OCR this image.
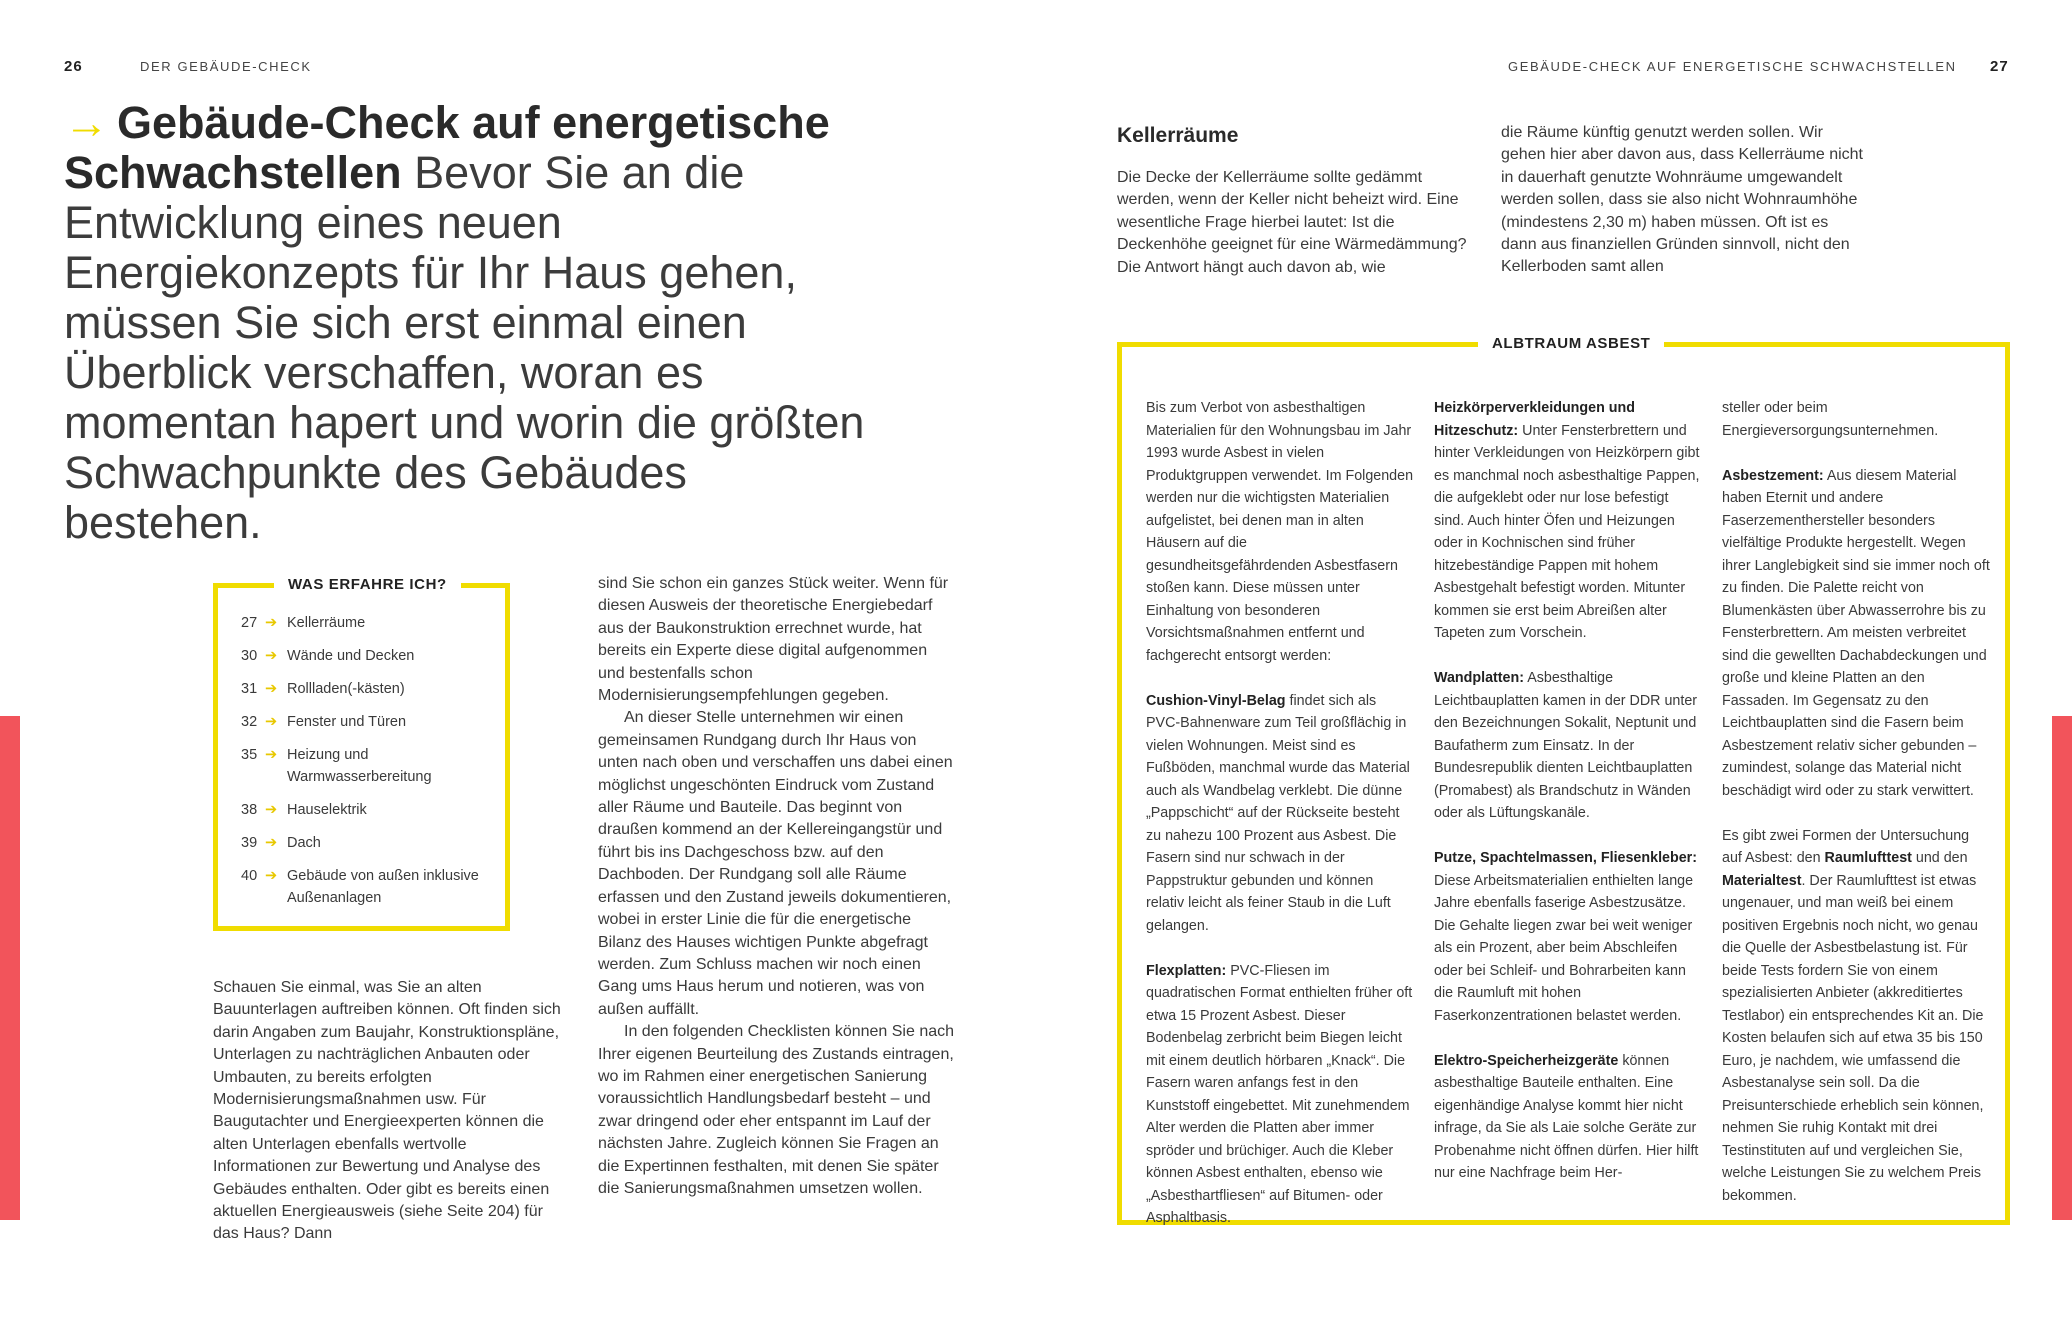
26	DER GEBÄUDE-CHECK	GEBÄUDE-CHECK AUF ENERGETISCHE SCHWACHSTELLEN 27
→ Gebäude-Check auf energetische Schwachstellen Bevor Sie an die Entwicklung eines neuen Energiekonzepts für Ihr Haus gehen, müssen Sie sich erst einmal einen Überblick verschaffen, woran es momentan hapert und worin die größten Schwachpunkte des Gebäudes bestehen.
WAS ERFAHRE ICH?
27 ➔ Kellerräume
30 ➔ Wände und Decken
31 ➔ Rollladen(-kästen)
32 ➔ Fenster und Türen
35 ➔ Heizung und Warmwasserbereitung
38 ➔ Hauselektrik
39 ➔ Dach
40 ➔ Gebäude von außen inklusive Außenanlagen

Schauen Sie einmal, was Sie an alten Bauunterlagen auftreiben können. Oft finden sich darin Angaben zum Baujahr, Konstruktionspläne, Unterlagen zu nachträglichen Anbauten oder Umbauten, zu bereits erfolgten Modernisierungsmaßnahmen usw. Für Baugutachter und Energieexperten können die alten Unterlagen ebenfalls wertvolle Informationen zur Bewertung und Analyse des Gebäudes enthalten. Oder gibt es bereits einen aktuellen Energieausweis (siehe Seite 204) für das Haus? Dann

sind Sie schon ein ganzes Stück weiter. Wenn für diesen Ausweis der theoretische Energiebedarf aus der Baukonstruktion errechnet wurde, hat bereits ein Experte diese digital aufgenommen und bestenfalls schon Modernisierungsempfehlungen gegeben.

An dieser Stelle unternehmen wir einen gemeinsamen Rundgang durch Ihr Haus von unten nach oben und verschaffen uns dabei einen möglichst ungeschönten Eindruck vom Zustand aller Räume und Bauteile. Das beginnt von draußen kommend an der Kellereingangstür und führt bis ins Dachgeschoss bzw. auf den Dachboden. Der Rundgang soll alle Räume erfassen und den Zustand jeweils dokumentieren, wobei in erster Linie die für die energetische Bilanz des Hauses wichtigen Punkte abgefragt werden. Zum Schluss machen wir noch einen Gang ums Haus herum und notieren, was von außen auffällt.

In den folgenden Checklisten können Sie nach Ihrer eigenen Beurteilung des Zustands eintragen, wo im Rahmen einer energetischen Sanierung voraussichtlich Handlungsbedarf besteht – und zwar dringend oder eher entspannt im Lauf der nächsten Jahre. Zugleich können Sie Fragen an die Expertinnen festhalten, mit denen Sie später die Sanierungsmaßnahmen umsetzen wollen.

Kellerräume

Die Decke der Kellerräume sollte gedämmt werden, wenn der Keller nicht beheizt wird. Eine wesentliche Frage hierbei lautet: Ist die Deckenhöhe geeignet für eine Wärmedämmung? Die Antwort hängt auch davon ab, wie

die Räume künftig genutzt werden sollen. Wir gehen hier aber davon aus, dass Kellerräume nicht in dauerhaft genutzte Wohnräume umgewandelt werden sollen, dass sie also nicht Wohnraumhöhe (mindestens 2,30 m) haben müssen. Oft ist es dann aus finanziellen Gründen sinnvoll, nicht den Kellerboden samt allen

ALBTRAUM ASBEST

Bis zum Verbot von asbesthaltigen Materialien für den Wohnungsbau im Jahr 1993 wurde Asbest in vielen Produktgruppen verwendet. Im Folgenden werden nur die wichtigsten Materialien aufgelistet, bei denen man in alten Häusern auf die gesundheitsgefährdenden Asbestfasern stoßen kann. Diese müssen unter Einhaltung von besonderen Vorsichtsmaßnahmen entfernt und fachgerecht entsorgt werden:

Cushion-Vinyl-Belag findet sich als PVC-Bahnenware zum Teil großflächig in vielen Wohnungen. Meist sind es Fußböden, manchmal wurde das Material auch als Wandbelag verklebt. Die dünne „Pappschicht“ auf der Rückseite besteht zu nahezu 100 Prozent aus Asbest. Die Fasern sind nur schwach in der Pappstruktur gebunden und können relativ leicht als feiner Staub in die Luft gelangen.

Flexplatten: PVC-Fliesen im quadratischen Format enthielten früher oft etwa 15 Prozent Asbest. Dieser Bodenbelag zerbricht beim Biegen leicht mit einem deutlich hörbaren „Knack“. Die Fasern waren anfangs fest in den Kunststoff eingebettet. Mit zunehmendem Alter werden die Platten aber immer spröder und brüchiger. Auch die Kleber können Asbest enthalten, ebenso wie „Asbesthartfliesen“ auf Bitumen- oder Asphaltbasis.

Heizkörperverkleidungen und Hitzeschutz: Unter Fensterbrettern und hinter Verkleidungen von Heizkörpern gibt es manchmal noch asbesthaltige Pappen, die aufgeklebt oder nur lose befestigt sind. Auch hinter Öfen und Heizungen oder in Kochnischen sind früher hitzebeständige Pappen mit hohem Asbestgehalt befestigt worden. Mitunter kommen sie erst beim Abreißen alter Tapeten zum Vorschein.

Wandplatten: Asbesthaltige Leichtbauplatten kamen in der DDR unter den Bezeichnungen Sokalit, Neptunit und Baufatherm zum Einsatz. In der Bundesrepublik dienten Leichtbauplatten (Promabest) als Brandschutz in Wänden oder als Lüftungskanäle.

Putze, Spachtelmassen, Fliesenkleber: Diese Arbeitsmaterialien enthielten lange Jahre ebenfalls faserige Asbestzusätze. Die Gehalte liegen zwar bei weit weniger als ein Prozent, aber beim Abschleifen oder bei Schleif- und Bohrarbeiten kann die Raumluft mit hohen Faserkonzentrationen belastet werden.

Elektro-Speicherheizgeräte können asbesthaltige Bauteile enthalten. Eine eigenhändige Analyse kommt hier nicht infrage, da Sie als Laie solche Geräte zur Probenahme nicht öffnen dürfen. Hier hilft nur eine Nachfrage beim Her-

steller oder beim Energieversorgungsunternehmen.

Asbestzement: Aus diesem Material haben Eternit und andere Faserzementhersteller besonders vielfältige Produkte hergestellt. Wegen ihrer Langlebigkeit sind sie immer noch oft zu finden. Die Palette reicht von Blumenkästen über Abwasserrohre bis zu Fensterbrettern. Am meisten verbreitet sind die gewellten Dachabdeckungen und große und kleine Platten an den Fassaden. Im Gegensatz zu den Leichtbauplatten sind die Fasern beim Asbestzement relativ sicher gebunden – zumindest, solange das Material nicht beschädigt wird oder zu stark verwittert.

Es gibt zwei Formen der Untersuchung auf Asbest: den Raumlufttest und den Materialtest. Der Raumlufttest ist etwas ungenauer, und man weiß bei einem positiven Ergebnis noch nicht, wo genau die Quelle der Asbestbelastung ist. Für beide Tests fordern Sie von einem spezialisierten Anbieter (akkreditiertes Testlabor) ein entsprechendes Kit an. Die Kosten belaufen sich auf etwa 35 bis 150 Euro, je nachdem, wie umfassend die Asbestanalyse sein soll. Da die Preisunterschiede erheblich sein können, nehmen Sie ruhig Kontakt mit drei Testinstituten auf und vergleichen Sie, welche Leistungen Sie zu welchem Preis bekommen.
